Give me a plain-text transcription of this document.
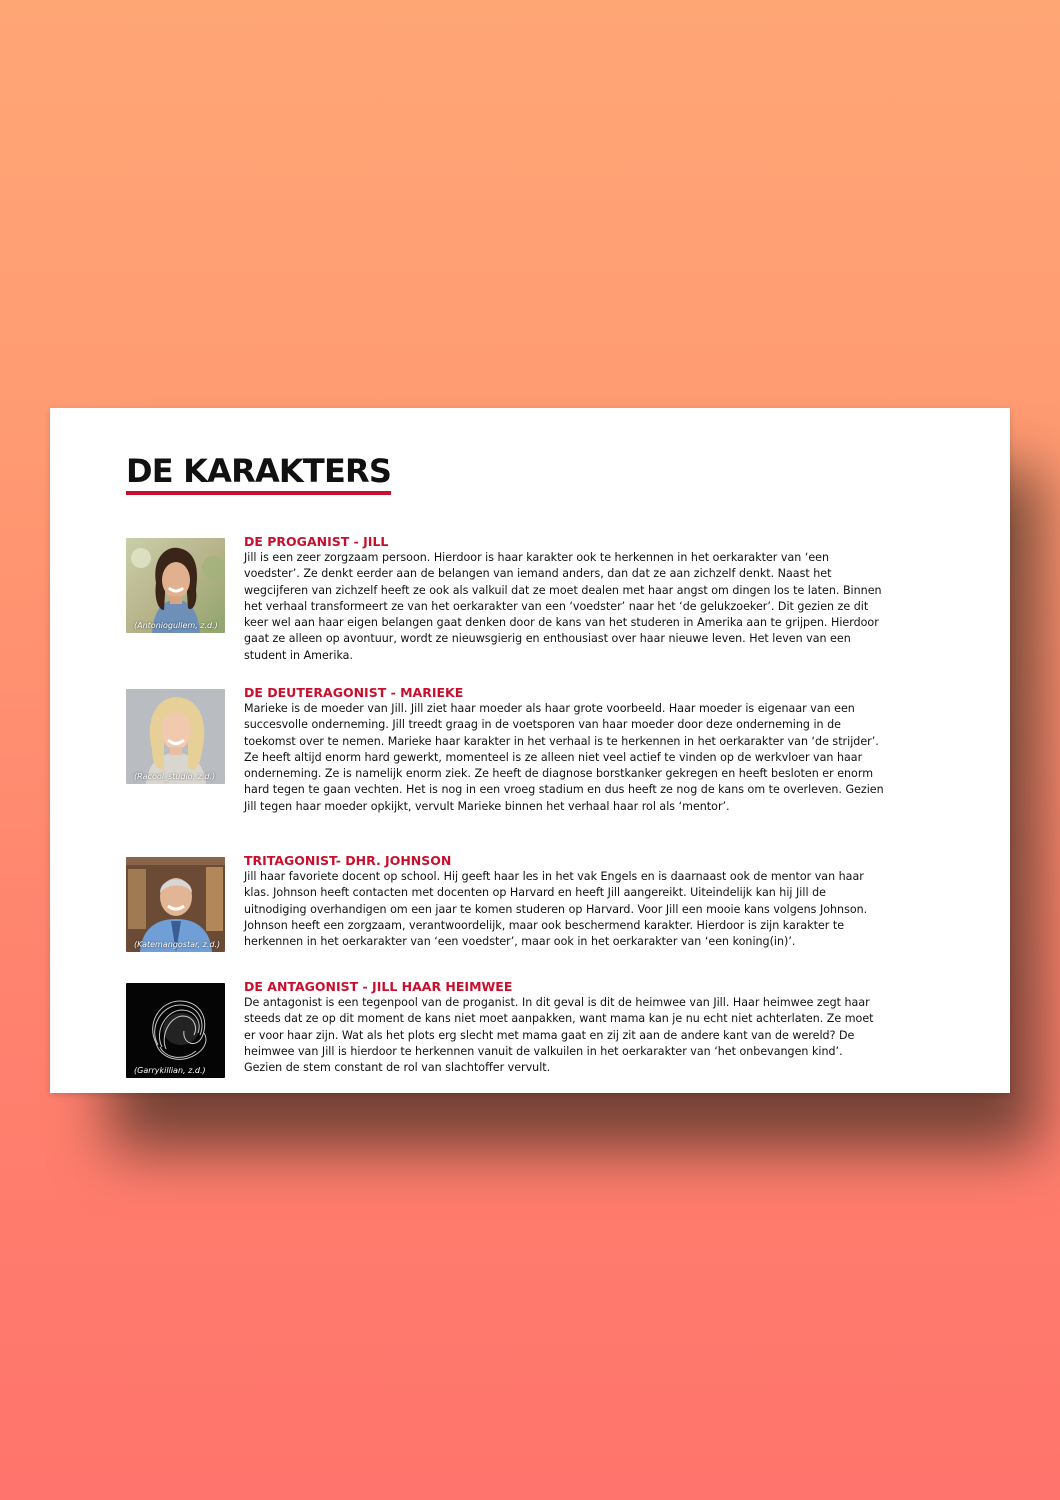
DE KARAKTERS
(Antoniogullem, z.d.)
DE PROGANIST - JILL

Jill is een zeer zorgzaam persoon. Hierdoor is haar karakter ook te herkennen in het oerkarakter van ‘een voedster’. Ze denkt eerder aan de belangen van iemand anders, dan dat ze aan zichzelf denkt. Naast het wegcijferen van zichzelf heeft ze ook als valkuil dat ze moet dealen met haar angst om dingen los te laten. Binnen het verhaal transformeert ze van het oerkarakter van een ‘voedster’ naar het ‘de gelukzoeker’. Dit gezien ze dit keer wel aan haar eigen belangen gaat denken door de kans van het studeren in Amerika aan te grijpen. Hierdoor gaat ze alleen op avontuur, wordt ze nieuwsgierig en enthousiast over haar nieuwe leven. Het leven van een student in Amerika.

(Racool_studio, z.d.)
DE DEUTERAGONIST - MARIEKE

Marieke is de moeder van Jill. Jill ziet haar moeder als haar grote voorbeeld. Haar moeder is eigenaar van een succesvolle onderneming. Jill treedt graag in de voetsporen van haar moeder door deze onderneming in de toekomst over te nemen. Marieke haar karakter in het verhaal is te herkennen in het oerkarakter van ‘de strijder’. Ze heeft altijd enorm hard gewerkt, momenteel is ze alleen niet veel actief te vinden op de werkvloer van haar onderneming. Ze is namelijk enorm ziek. Ze heeft de diagnose borstkanker gekregen en heeft besloten er enorm hard tegen te gaan vechten. Het is nog in een vroeg stadium en dus heeft ze nog de kans om te overleven. Gezien Jill tegen haar moeder opkijkt, vervult Marieke binnen het verhaal haar rol als ‘mentor’.

(Katemangostar, z.d.)
TRITAGONIST- DHR. JOHNSON

Jill haar favoriete docent op school. Hij geeft haar les in het vak Engels en is daarnaast ook de mentor van haar klas. Johnson heeft contacten met docenten op Harvard en heeft Jill aangereikt. Uiteindelijk kan hij Jill de uitnodiging overhandigen om een jaar te komen studeren op Harvard. Voor Jill een mooie kans volgens Johnson. Johnson heeft een zorgzaam, verantwoordelijk, maar ook beschermend karakter. Hierdoor is zijn karakter te herkennen in het oerkarakter van ‘een voedster’, maar ook in het oerkarakter van ‘een koning(in)’.

(Garrykillian, z.d.)
DE ANTAGONIST - JILL HAAR HEIMWEE

De antagonist is een tegenpool van de proganist. In dit geval is dit de heimwee van Jill. Haar heimwee zegt haar steeds dat ze op dit moment de kans niet moet aanpakken, want mama kan je nu echt niet achterlaten. Ze moet er voor haar zijn. Wat als het plots erg slecht met mama gaat en zij zit aan de andere kant van de wereld? De heimwee van Jill is hierdoor te herkennen vanuit de valkuilen in het oerkarakter van ‘het onbevangen kind’. Gezien de stem constant de rol van slachtoffer vervult.
